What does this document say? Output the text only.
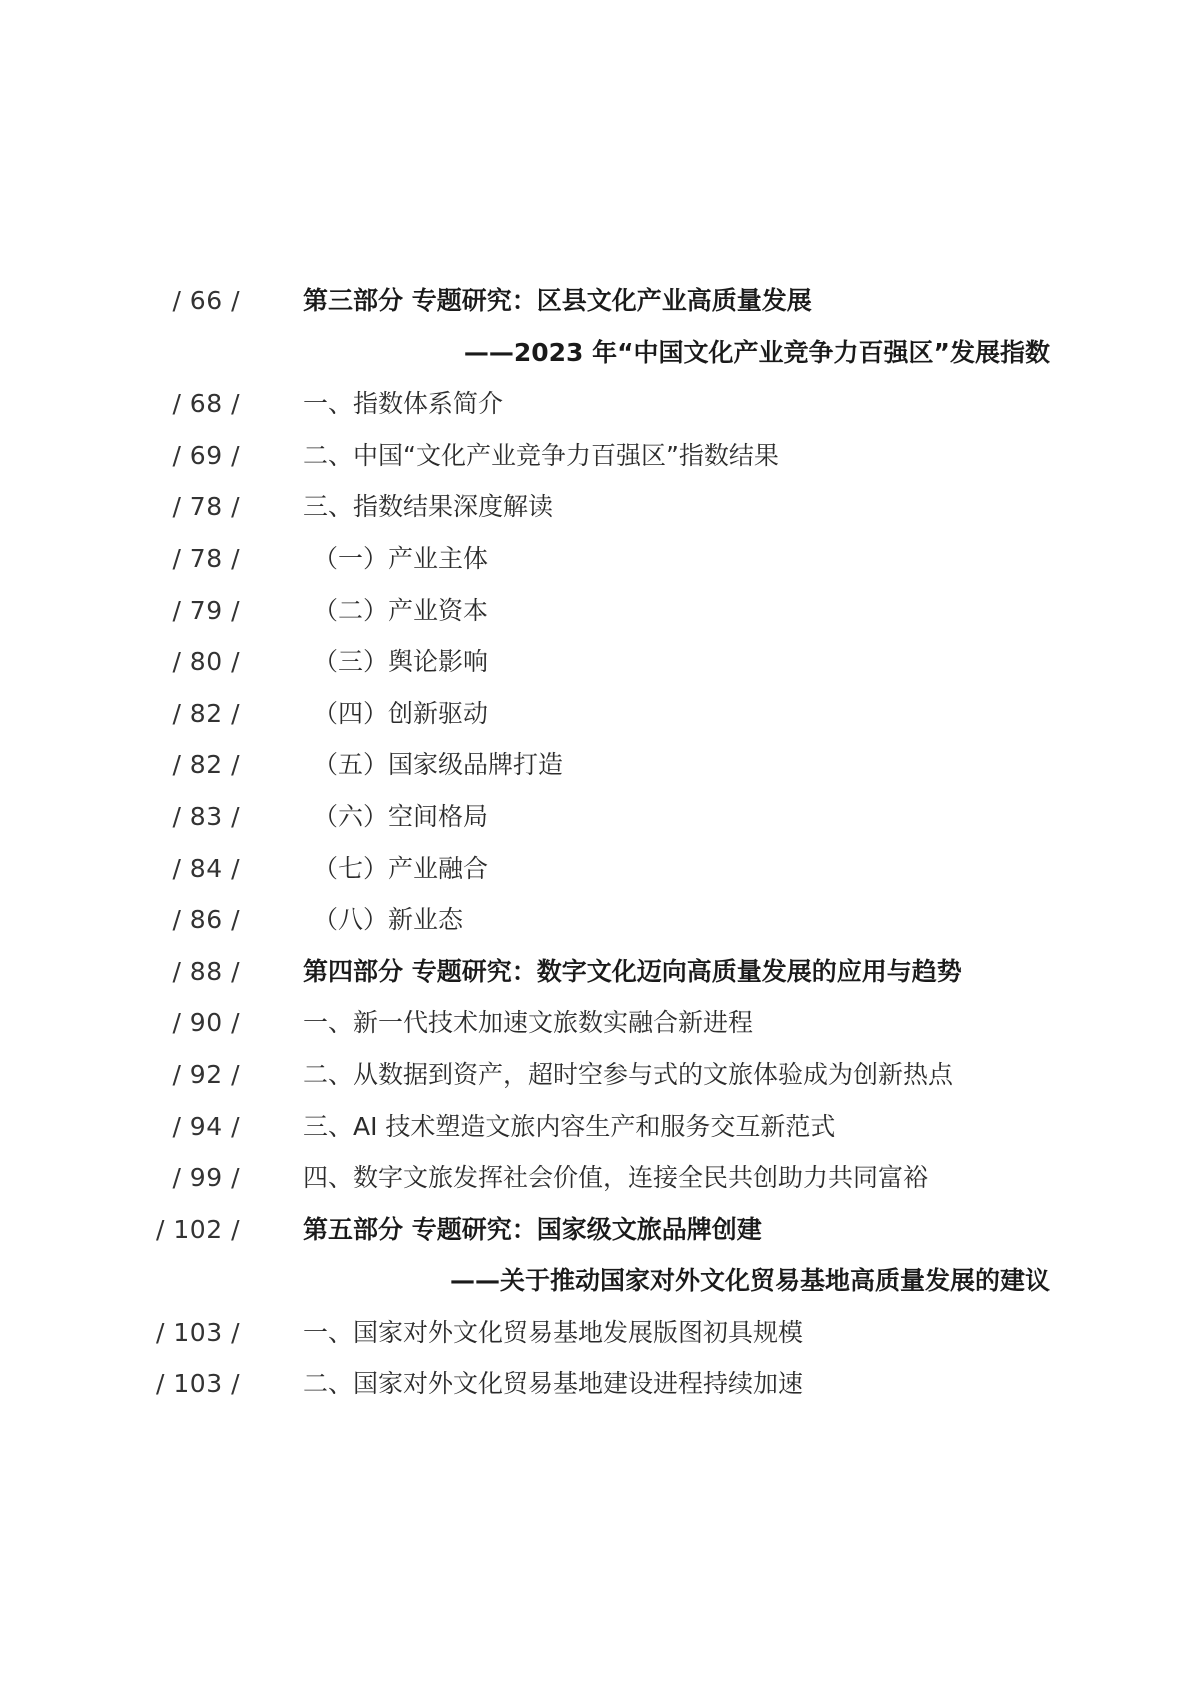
/ 66 /	第三部分 专题研究：区县文化产业高质量发展
——2023 年“中国文化产业竞争力百强区”发展指数
/ 68 /	一、指数体系简介
/ 69 /	二、中国“文化产业竞争力百强区”指数结果
/ 78 /	三、指数结果深度解读
/ 78 /	（一）产业主体
/ 79 /	（二）产业资本
/ 80 /	（三）舆论影响
/ 82 /	（四）创新驱动
/ 82 /	（五）国家级品牌打造
/ 83 /	（六）空间格局
/ 84 /	（七）产业融合
/ 86 /	（八）新业态
/ 88 /	第四部分 专题研究：数字文化迈向高质量发展的应用与趋势
/ 90 /	一、新一代技术加速文旅数实融合新进程
/ 92 /	二、从数据到资产，超时空参与式的文旅体验成为创新热点
/ 94 /	三、AI 技术塑造文旅内容生产和服务交互新范式
/ 99 /	四、数字文旅发挥社会价值，连接全民共创助力共同富裕
/ 102 /	第五部分 专题研究：国家级文旅品牌创建
——关于推动国家对外文化贸易基地高质量发展的建议
/ 103 /	一、国家对外文化贸易基地发展版图初具规模
/ 103 /	二、国家对外文化贸易基地建设进程持续加速
